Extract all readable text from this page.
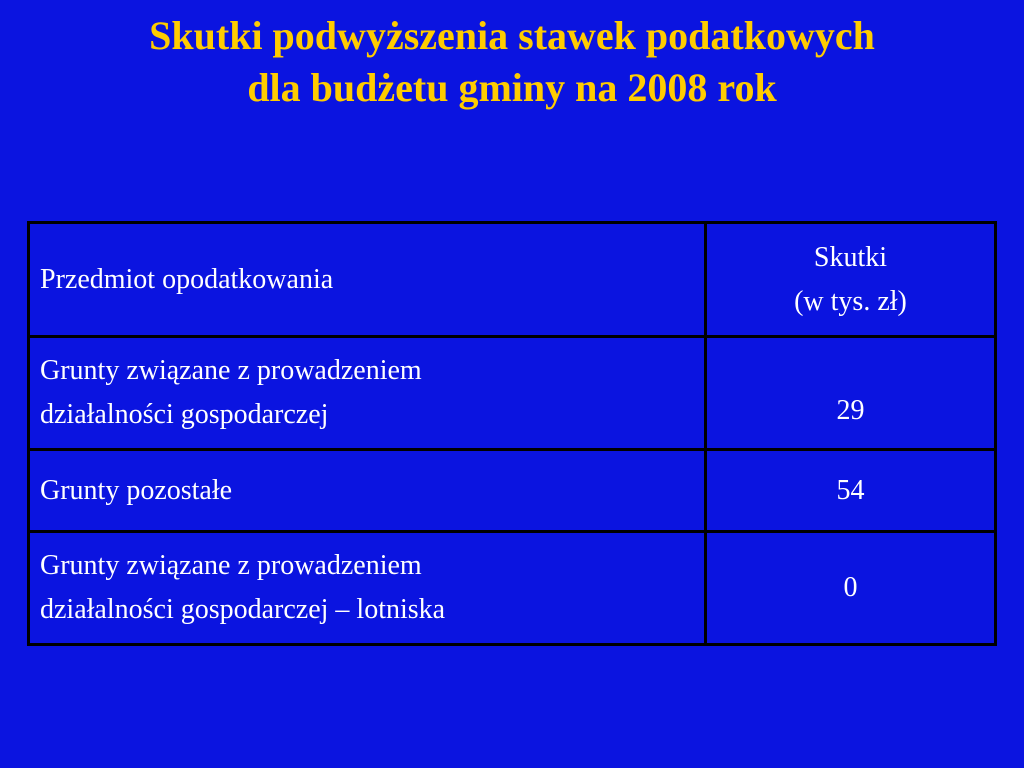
Skutki podwyższenia stawek podatkowych
dla budżetu gminy na 2008 rok
Przedmiot opodatkowania	Skutki
(w tys. zł)

Grunty związane z prowadzeniem
działalności gospodarczej	29

Grunty pozostałe	54

Grunty związane z prowadzeniem
działalności gospodarczej – lotniska	0
